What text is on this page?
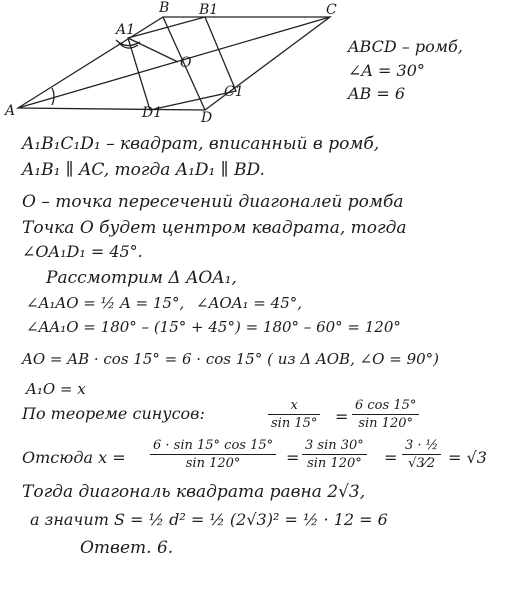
A
A1
B B1	C
C1
D
D1
O
ABCD – ромб,
∠A = 30°
AB = 6
A₁B₁C₁D₁ – квадрат, вписанный в ромб,
A₁B₁ ∥ AC, тогда A₁D₁ ∥ BD.
O – точка пересечений диагоналей ромба
Точка O будет центром квадрата, тогда
∠OA₁D₁ = 45°.
Рассмотрим Δ AOA₁,
∠A₁AO = ½ A = 15°, ∠AOA₁ = 45°,
∠AA₁O = 180° – (15° + 45°) = 180° – 60° = 120°
AO = AB · cos 15° = 6 · cos 15° ( из Δ AOB, ∠O = 90°)
A₁O = x
По теореме синусов:	$\frac{x}{\sin 15^\circ} = \frac{6 \cos 15^\circ}{\sin 120^\circ}$
Отсюда $x = \frac{6 \cdot \sin 15^\circ \cos 15^\circ}{\sin 120^\circ} = \frac{3 \sin 30^\circ}{\sin 120^\circ} = \frac{\text{3 · ½}}{√3⁄2} = √3$
Тогда диагональ квадрата равна 2√3,
а значит S = ½ d² = ½ (2√3)² = ½ · 12 = 6
Ответ. 6.
